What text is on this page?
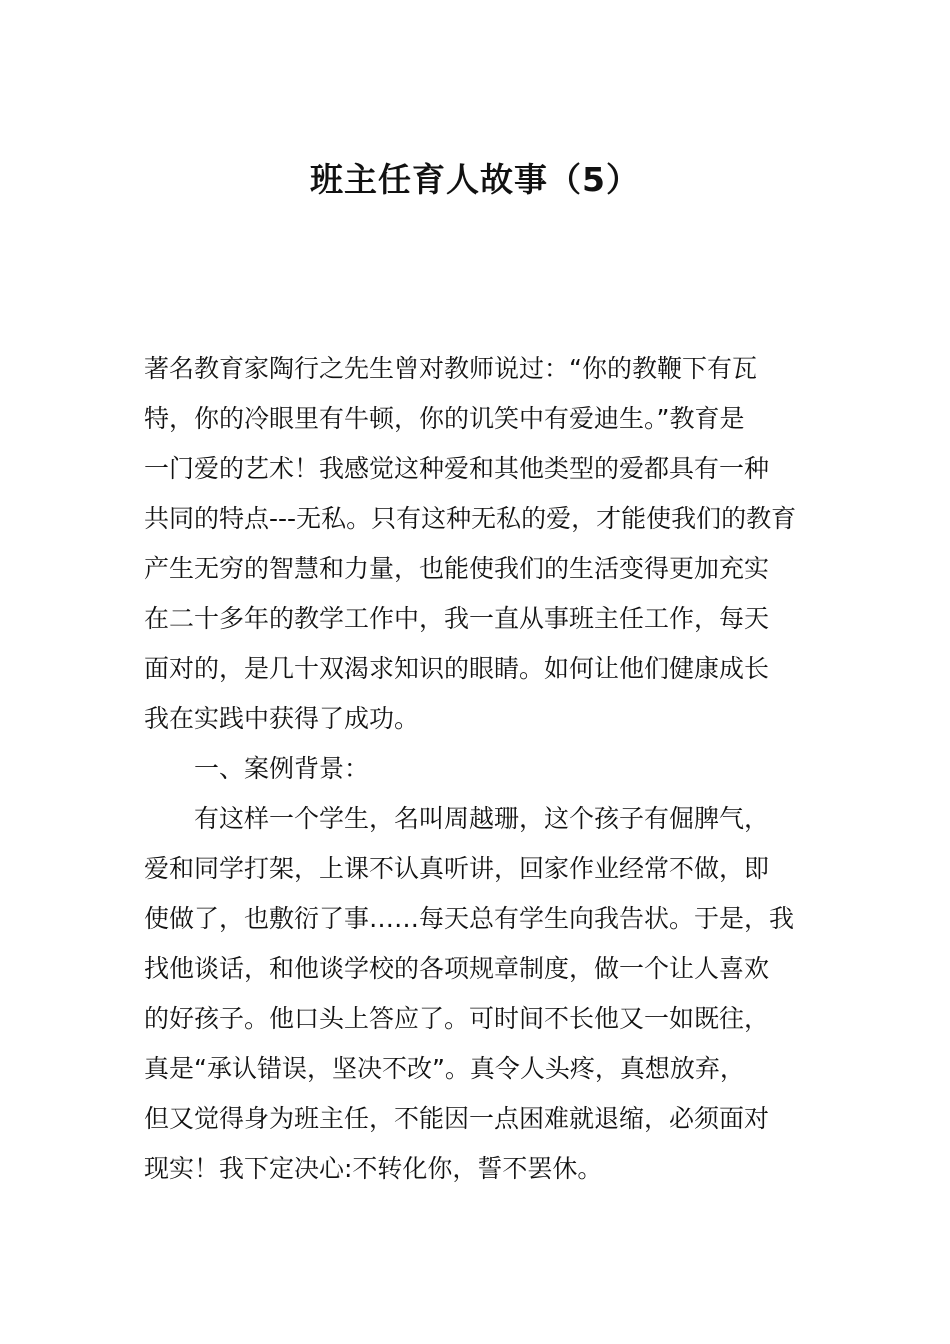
班主任育人故事（5）
著名教育家陶行之先生曾对教师说过：“你的教鞭下有瓦
特，你的冷眼里有牛顿，你的讥笑中有爱迪生。”教育是
一门爱的艺术！我感觉这种爱和其他类型的爱都具有一种
共同的特点---无私。只有这种无私的爱，才能使我们的教育
产生无穷的智慧和力量，也能使我们的生活变得更加充实
在二十多年的教学工作中，我一直从事班主任工作，每天
面对的，是几十双渴求知识的眼睛。如何让他们健康成长
我在实践中获得了成功。
一、案例背景：
有这样一个学生，名叫周越珊，这个孩子有倔脾气，
爱和同学打架，上课不认真听讲，回家作业经常不做，即
使做了，也敷衍了事……每天总有学生向我告状。于是，我
找他谈话，和他谈学校的各项规章制度，做一个让人喜欢
的好孩子。他口头上答应了。可时间不长他又一如既往，
真是“承认错误，坚决不改”。真令人头疼，真想放弃，
但又觉得身为班主任，不能因一点困难就退缩，必须面对
现实！我下定决心:不转化你，誓不罢休。
